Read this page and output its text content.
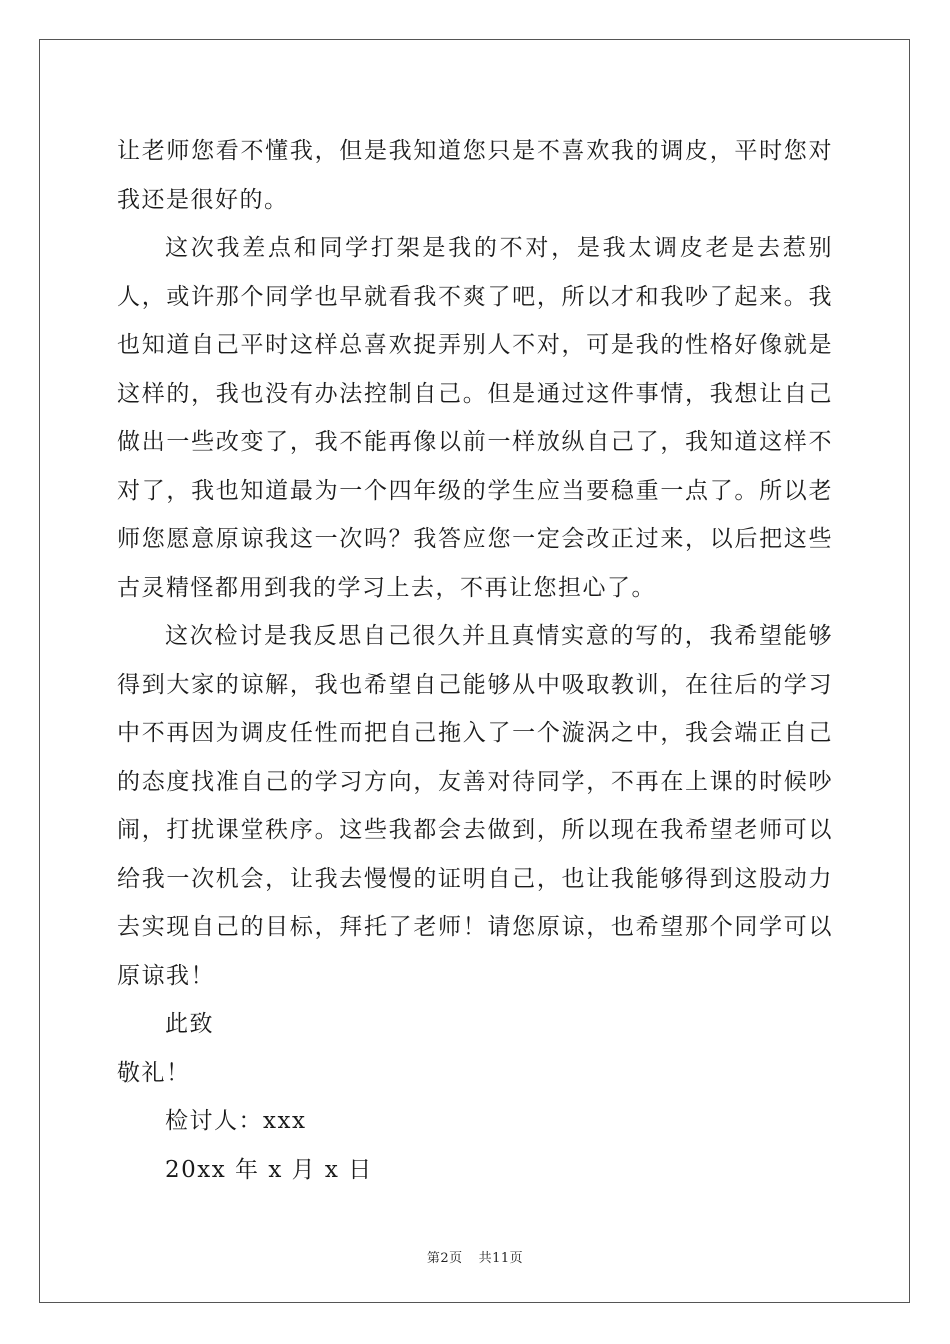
让老师您看不懂我，但是我知道您只是不喜欢我的调皮，平时您对我还是很好的。

这次我差点和同学打架是我的不对，是我太调皮老是去惹别人，或许那个同学也早就看我不爽了吧，所以才和我吵了起来。我也知道自己平时这样总喜欢捉弄别人不对，可是我的性格好像就是这样的，我也没有办法控制自己。但是通过这件事情，我想让自己做出一些改变了，我不能再像以前一样放纵自己了，我知道这样不对了，我也知道最为一个四年级的学生应当要稳重一点了。所以老师您愿意原谅我这一次吗？我答应您一定会改正过来，以后把这些古灵精怪都用到我的学习上去，不再让您担心了。

这次检讨是我反思自己很久并且真情实意的写的，我希望能够得到大家的谅解，我也希望自己能够从中吸取教训，在往后的学习中不再因为调皮任性而把自己拖入了一个漩涡之中，我会端正自己的态度找准自己的学习方向，友善对待同学，不再在上课的时候吵闹，打扰课堂秩序。这些我都会去做到，所以现在我希望老师可以给我一次机会，让我去慢慢的证明自己，也让我能够得到这股动力去实现自己的目标，拜托了老师！请您原谅，也希望那个同学可以原谅我！

此致

敬礼！

检讨人：xxx

20xx 年 x 月 x 日

第2页 共11页
